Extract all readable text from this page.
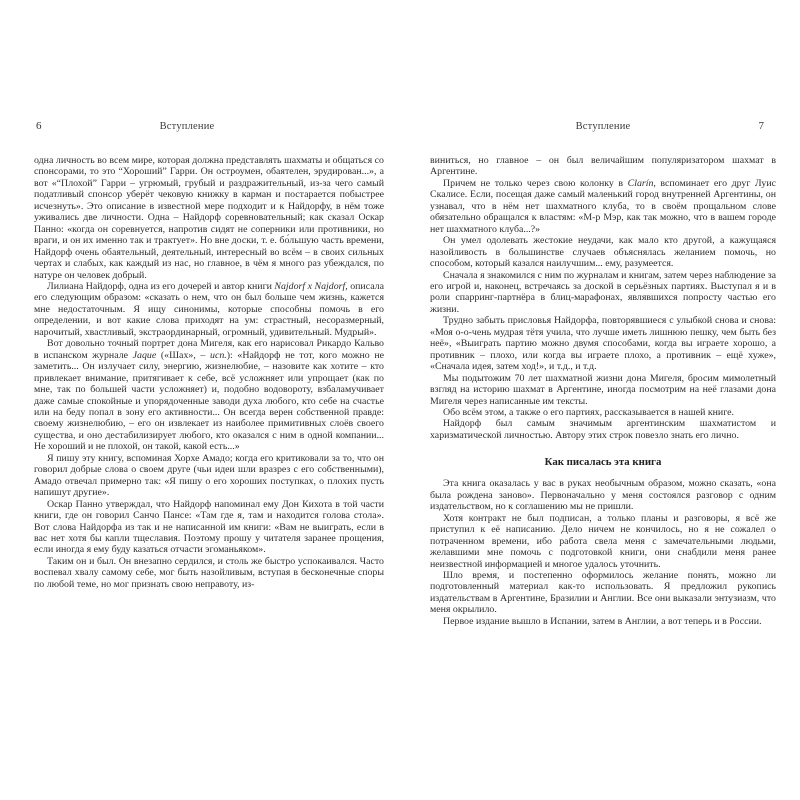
6	Вступление

одна личность во всем мире, которая должна представлять шахматы и общаться со спонсорами, то это “Хороший” Гарри. Он остроумен, обаятелен, эрудирован...», а вот «“Плохой” Гарри – угрюмый, грубый и раздражительный, из-за чего самый податливый спонсор уберёт чековую книжку в карман и постарается побыстрее исчезнуть». Это описание в известной мере подходит и к Найдорфу, в нём тоже уживались две личности. Одна – Найдорф соревновательный; как сказал Оскар Панно: «когда он соревнуется, напротив сидят не соперники или противники, но враги, и он их именно так и трактует». Но вне доски, т. е. бо́льшую часть времени, Найдорф очень обаятельный, деятельный, интересный во всём – в своих сильных чертах и слабых, как каждый из нас, но главное, в чём я много раз убеждался, по натуре он человек добрый.

Лилиана Найдорф, одна из его дочерей и автор книги Najdorf x Najdorf, описала его следующим образом: «сказать о нем, что он был больше чем жизнь, кажется мне недостаточным. Я ищу синонимы, которые способны помочь в его определении, и вот какие слова приходят на ум: страстный, несоразмерный, нарочитый, хвастливый, экстраординарный, огромный, удивительный. Мудрый».

Вот довольно точный портрет дона Мигеля, как его нарисовал Рикардо Кальво в испанском журнале Jaque («Шах», – исп.): «Найдорф не тот, кого можно не заметить... Он излучает силу, энергию, жизнелюбие, – назовите как хотите – кто привлекает внимание, притягивает к себе, всё усложняет или упрощает (как по мне, так по большей части усложняет) и, подобно водовороту, взбаламучивает даже самые спокойные и упорядоченные заводи духа любого, кто себе на счастье или на беду попал в зону его активности... Он всегда верен собственной правде: своему жизнелюбию, – его он извлекает из наиболее примитивных слоёв своего существа, и оно дестабилизирует любого, кто оказался с ним в одной компании... Не хороший и не плохой, он такой, какой есть...»

Я пишу эту книгу, вспоминая Хорхе Амадо; когда его критиковали за то, что он говорил добрые слова о своем друге (чьи идеи шли вразрез с его собственными), Амадо отвечал примерно так: «Я пишу о его хороших поступках, о плохих пусть напишут другие».

Оскар Панно утверждал, что Найдорф напоминал ему Дон Кихота в той части книги, где он говорил Санчо Пансе: «Там где я, там и находится голова стола». Вот слова Найдорфа из так и не написанной им книги: «Вам не выиграть, если в вас нет хотя бы капли тщеславия. Поэтому прошу у читателя заранее прощения, если иногда я ему буду казаться отчасти эгоманьяком».

Таким он и был. Он внезапно сердился, и столь же быстро успокаивался. Часто воспевал хвалу самому себе, мог быть назойливым, вступая в бесконечные споры по любой теме, но мог признать свою неправоту, из-

Вступление	7

виниться, но главное – он был величайшим популяризатором шахмат в Аргентине.

Причем не только через свою колонку в Clarín, вспоминает его друг Луис Скалисе. Если, посещая даже самый маленький город внутренней Аргентины, он узнавал, что в нём нет шахматного клуба, то в своём прощальном слове обязательно обращался к властям: «М-р Мэр, как так можно, что в вашем городе нет шахматного клуба...?»

Он умел одолевать жестокие неудачи, как мало кто другой, а кажущаяся назойливость в большинстве случаев объяснялась желанием помочь, но способом, который казался наилучшим... ему, разумеется.

Сначала я знакомился с ним по журналам и книгам, затем через наблюдение за его игрой и, наконец, встречаясь за доской в серьёзных партиях. Выступал я и в роли спарринг-партнёра в блиц-марафонах, являвшихся попросту частью его жизни.

Трудно забыть присловья Найдорфа, повторявшиеся с улыбкой снова и снова: «Моя о-о-чень мудрая тётя учила, что лучше иметь лишнюю пешку, чем быть без неё», «Выиграть партию можно двумя способами, когда вы играете хорошо, а противник – плохо, или когда вы играете плохо, а противник – ещё хуже», «Сначала идея, затем ход!», и т.д., и т.д.

Мы подытожим 70 лет шахматной жизни дона Мигеля, бросим мимолетный взгляд на историю шахмат в Аргентине, иногда посмотрим на неё глазами дона Мигеля через написанные им тексты.

Обо всём этом, а также о его партиях, рассказывается в нашей книге.

Найдорф был самым значимым аргентинским шахматистом и харизматической личностью. Автору этих строк повезло знать его лично.

Как писалась эта книга

Эта книга оказалась у вас в руках необычным образом, можно сказать, «она была рождена заново». Первоначально у меня состоялся разговор с одним издательством, но к соглашению мы не пришли.

Хотя контракт не был подписан, а только планы и разговоры, я всё же приступил к её написанию. Дело ничем не кончилось, но я не сожалел о потраченном времени, ибо работа свела меня с замечательными людьми, желавшими мне помочь с подготовкой книги, они снабдили меня ранее неизвестной информацией и многое удалось уточнить.

Шло время, и постепенно оформилось желание понять, можно ли подготовленный материал как-то использовать. Я предложил рукопись издательствам в Аргентине, Бразилии и Англии. Все они выказали энтузиазм, что меня окрылило.

Первое издание вышло в Испании, затем в Англии, а вот теперь и в России.
